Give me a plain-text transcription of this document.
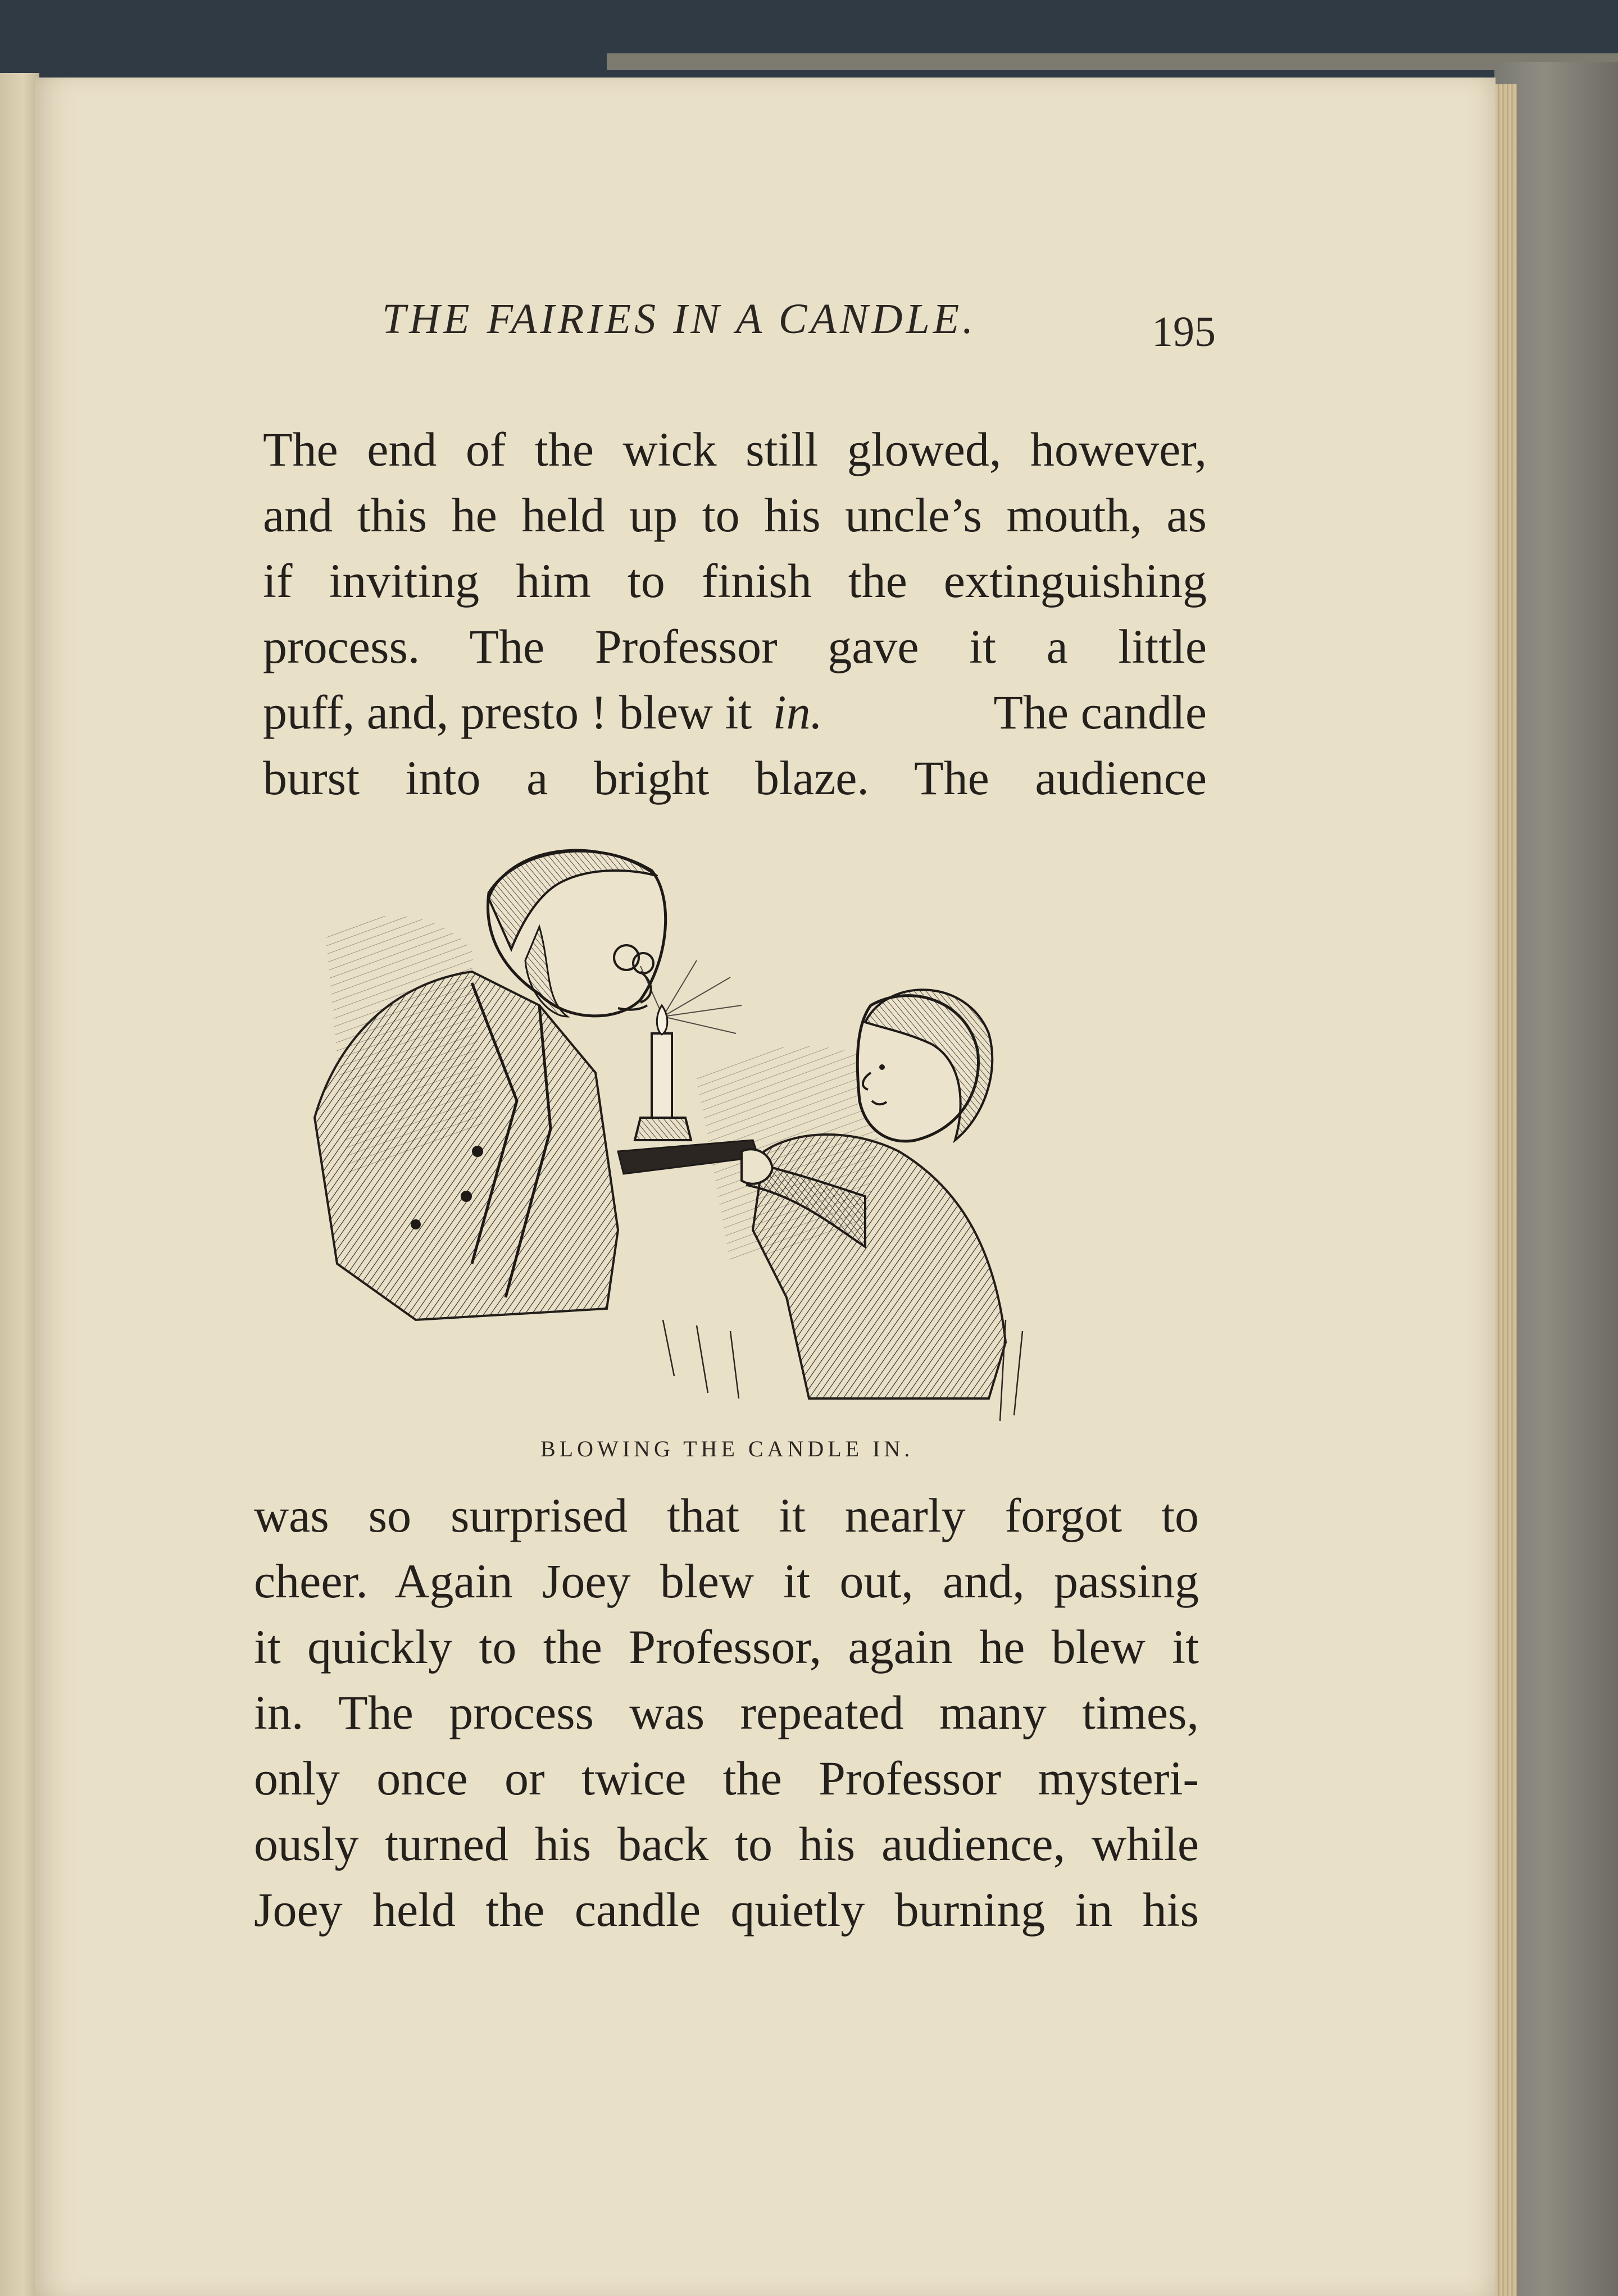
THE FAIRIES IN A CANDLE.	195
The end of the wick still glowed, however,
and this he held up to his uncle’s mouth, as
if inviting him to finish the extinguishing
process. The Professor gave it a little
puff, and, presto ! blew it in.	The candle
burst into a bright blaze. The audience
BLOWING THE CANDLE IN.
was so surprised that it nearly forgot to
cheer. Again Joey blew it out, and, passing
it quickly to the Professor, again he blew it
in. The process was repeated many times,
only once or twice the Professor mysteri-
ously turned his back to his audience, while
Joey held the candle quietly burning in his
